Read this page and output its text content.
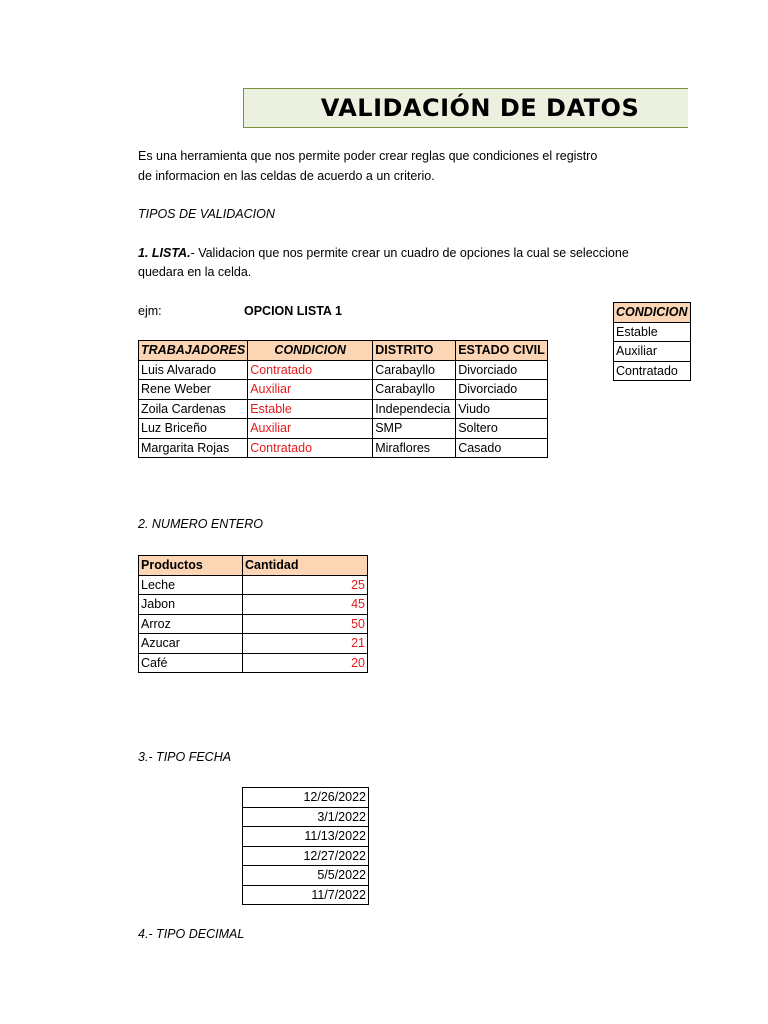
VALIDACIÓN DE DATOS
Es una herramienta que nos permite poder crear reglas que condiciones el registro
de informacion en las celdas de acuerdo a un criterio.
TIPOS DE VALIDACION
1. LISTA.- Validacion que nos permite crear un cuadro de opciones la cual se seleccione
quedara en la celda.
ejm:	OPCION LISTA 1
TRABAJADORES	CONDICION	DISTRITO	ESTADO CIVIL
Luis Alvarado	Contratado	Carabayllo	Divorciado
Rene Weber	Auxiliar	Carabayllo	Divorciado
Zoila Cardenas	Estable	Independecia	Viudo
Luz Briceño	Auxiliar	SMP	Soltero
Margarita Rojas	Contratado	Miraflores	Casado
CONDICION
Estable
Auxiliar
Contratado
2. NUMERO ENTERO
Productos	Cantidad
Leche	25
Jabon	45
Arroz	50
Azucar	21
Café	20
3.- TIPO FECHA
12/26/2022
3/1/2022
11/13/2022
12/27/2022
5/5/2022
11/7/2022
4.- TIPO DECIMAL
